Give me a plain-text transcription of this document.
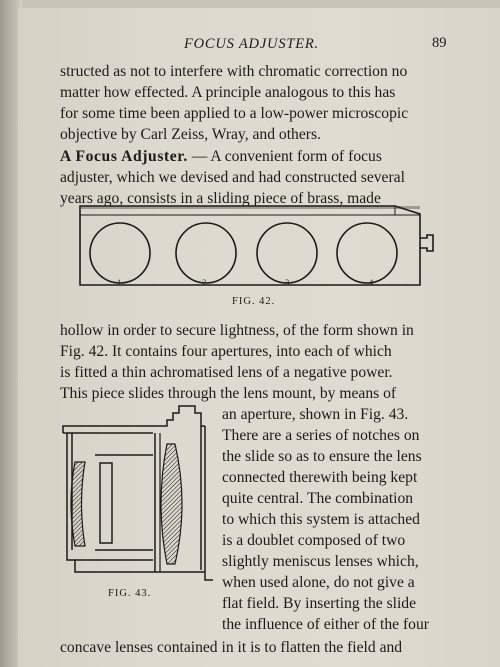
FOCUS ADJUSTER.	89
structed as not to interfere with chromatic correction no
matter how effected. A principle analogous to this has
for some time been applied to a low-power microscopic
objective by Carl Zeiss, Wray, and others.
A Focus Adjuster. — A convenient form of focus
adjuster, which we devised and had constructed several
years ago, consists in a sliding piece of brass, made
1	2	3	4
FIG. 42.
hollow in order to secure lightness, of the form shown in
Fig. 42. It contains four apertures, into each of which
is fitted a thin achromatised lens of a negative power.
This piece slides through the lens mount, by means of
FIG. 43.
an aperture, shown in Fig. 43.
There are a series of notches on
the slide so as to ensure the lens
connected therewith being kept
quite central. The combination
to which this system is attached
is a doublet composed of two
slightly meniscus lenses which,
when used alone, do not give a
flat field. By inserting the slide
the influence of either of the four
concave lenses contained in it is to flatten the field and
